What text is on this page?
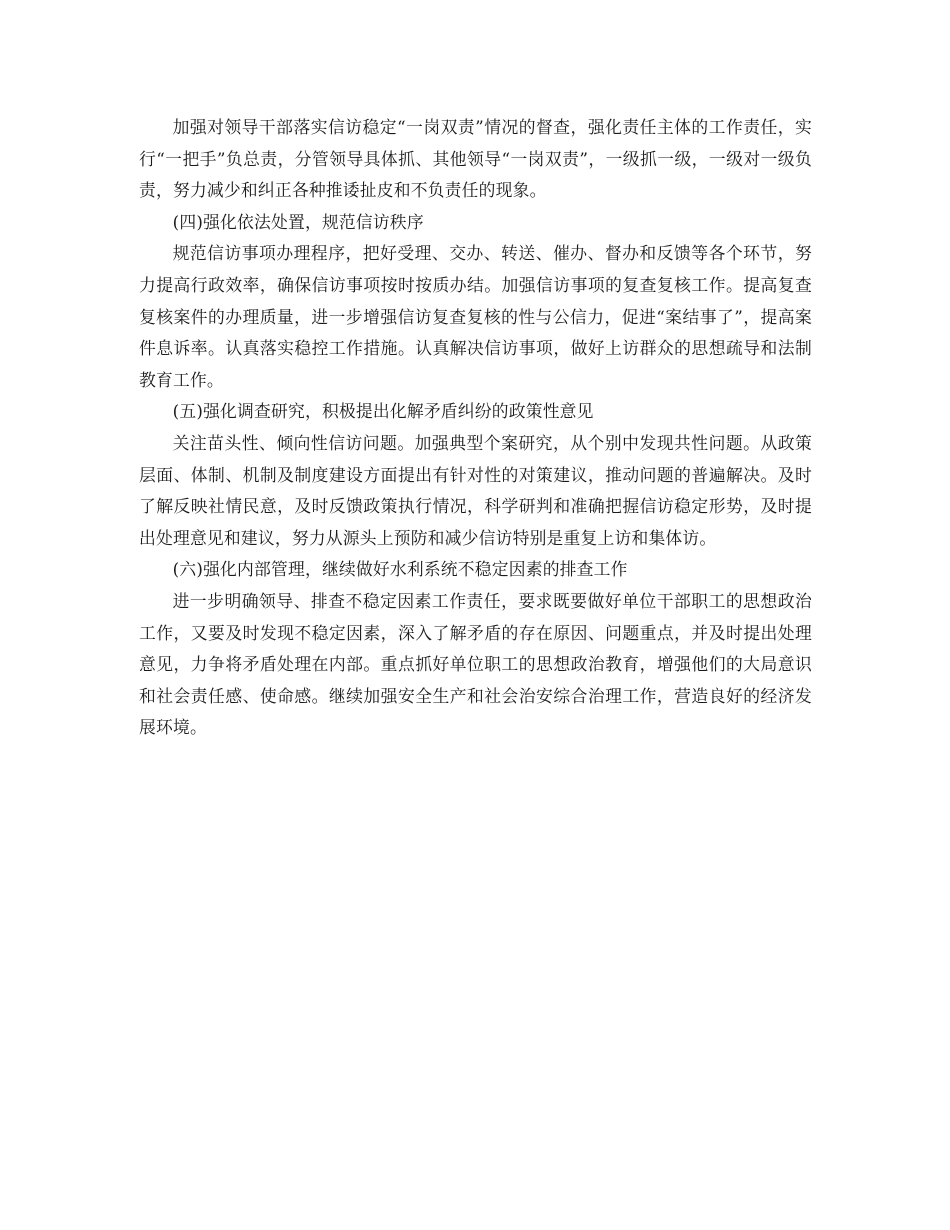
加强对领导干部落实信访稳定“一岗双责”情况的督查，强化责任主体的工作责任，实行“一把手”负总责，分管领导具体抓、其他领导“一岗双责”，一级抓一级，一级对一级负责，努力减少和纠正各种推诿扯皮和不负责任的现象。

(四)强化依法处置，规范信访秩序

规范信访事项办理程序，把好受理、交办、转送、催办、督办和反馈等各个环节，努力提高行政效率，确保信访事项按时按质办结。加强信访事项的复查复核工作。提高复查复核案件的办理质量，进一步增强信访复查复核的性与公信力，促进“案结事了”，提高案件息诉率。认真落实稳控工作措施。认真解决信访事项，做好上访群众的思想疏导和法制教育工作。

(五)强化调查研究，积极提出化解矛盾纠纷的政策性意见

关注苗头性、倾向性信访问题。加强典型个案研究，从个别中发现共性问题。从政策层面、体制、机制及制度建设方面提出有针对性的对策建议，推动问题的普遍解决。及时了解反映社情民意，及时反馈政策执行情况，科学研判和准确把握信访稳定形势，及时提出处理意见和建议，努力从源头上预防和减少信访特别是重复上访和集体访。

(六)强化内部管理，继续做好水利系统不稳定因素的排查工作

进一步明确领导、排查不稳定因素工作责任，要求既要做好单位干部职工的思想政治工作，又要及时发现不稳定因素，深入了解矛盾的存在原因、问题重点，并及时提出处理意见，力争将矛盾处理在内部。重点抓好单位职工的思想政治教育，增强他们的大局意识和社会责任感、使命感。继续加强安全生产和社会治安综合治理工作，营造良好的经济发展环境。
